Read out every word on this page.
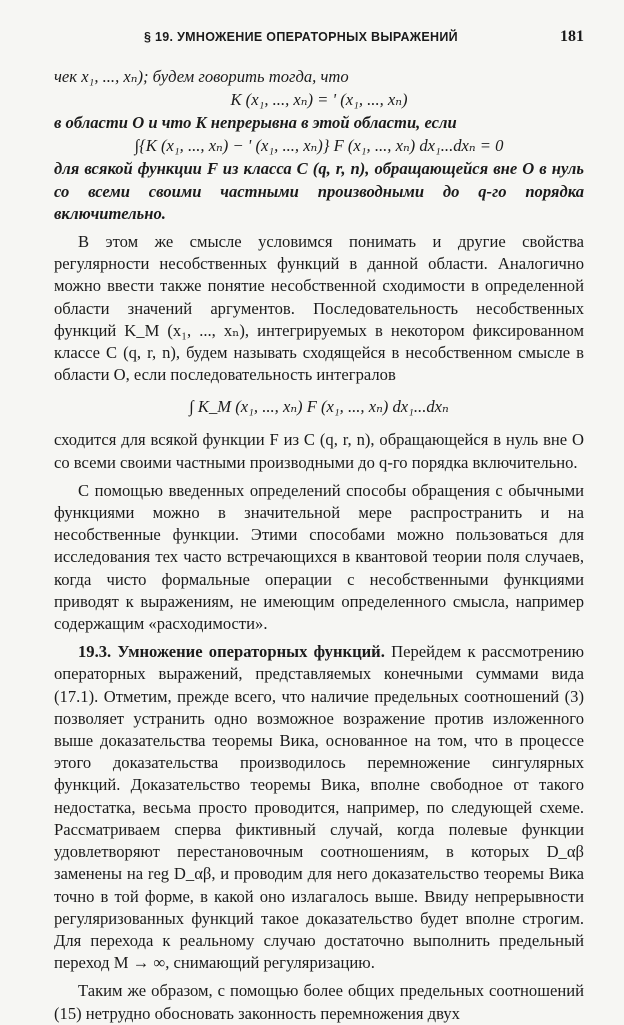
§ 19. УМНОЖЕНИЕ ОПЕРАТОРНЫХ ВЫРАЖЕНИЙ	181

чек x₁, ..., xₙ); будем говорить тогда, что

K (x₁, ..., xₙ) = ʹ (x₁, ..., xₙ)

в области O и что K непрерывна в этой области, если

∫{K (x₁, ..., xₙ) − ʹ (x₁, ..., xₙ)} F (x₁, ..., xₙ) dx₁...dxₙ = 0

для всякой функции F из класса C (q, r, n), обращающейся вне O в нуль со всеми своими частными производными до q-го порядка включительно.

В этом же смысле условимся понимать и другие свойства регулярности несобственных функций в данной области. Аналогично можно ввести также понятие несобственной сходимости в определенной области значений аргументов. Последовательность несобственных функций K_M (x₁, ..., xₙ), интегрируемых в некотором фиксированном классе C (q, r, n), будем называть сходящейся в несобственном смысле в области O, если последовательность интегралов

∫ K_M (x₁, ..., xₙ) F (x₁, ..., xₙ) dx₁...dxₙ

сходится для всякой функции F из C (q, r, n), обращающейся в нуль вне O со всеми своими частными производными до q-го порядка включительно.

С помощью введенных определений способы обращения с обычными функциями можно в значительной мере распространить и на несобственные функции. Этими способами можно пользоваться для исследования тех часто встречающихся в квантовой теории поля случаев, когда чисто формальные операции с несобственными функциями приводят к выражениям, не имеющим определенного смысла, например содержащим «расходимости».

19.3. Умножение операторных функций. Перейдем к рассмотрению операторных выражений, представляемых конечными суммами вида (17.1). Отметим, прежде всего, что наличие предельных соотношений (3) позволяет устранить одно возможное возражение против изложенного выше доказательства теоремы Вика, основанное на том, что в процессе этого доказательства производилось перемножение сингулярных функций. Доказательство теоремы Вика, вполне свободное от такого недостатка, весьма просто проводится, например, по следующей схеме. Рассматриваем сперва фиктивный случай, когда полевые функции удовлетворяют перестановочным соотношениям, в которых D_αβ заменены на reg D_αβ, и проводим для него доказательство теоремы Вика точно в той форме, в какой оно излагалось выше. Ввиду непрерывности регуляризованных функций такое доказательство будет вполне строгим. Для перехода к реальному случаю достаточно выполнить предельный переход M → ∞, снимающий регуляризацию.

Таким же образом, с помощью более общих предельных соотношений (15) нетрудно обосновать законность перемножения двух
